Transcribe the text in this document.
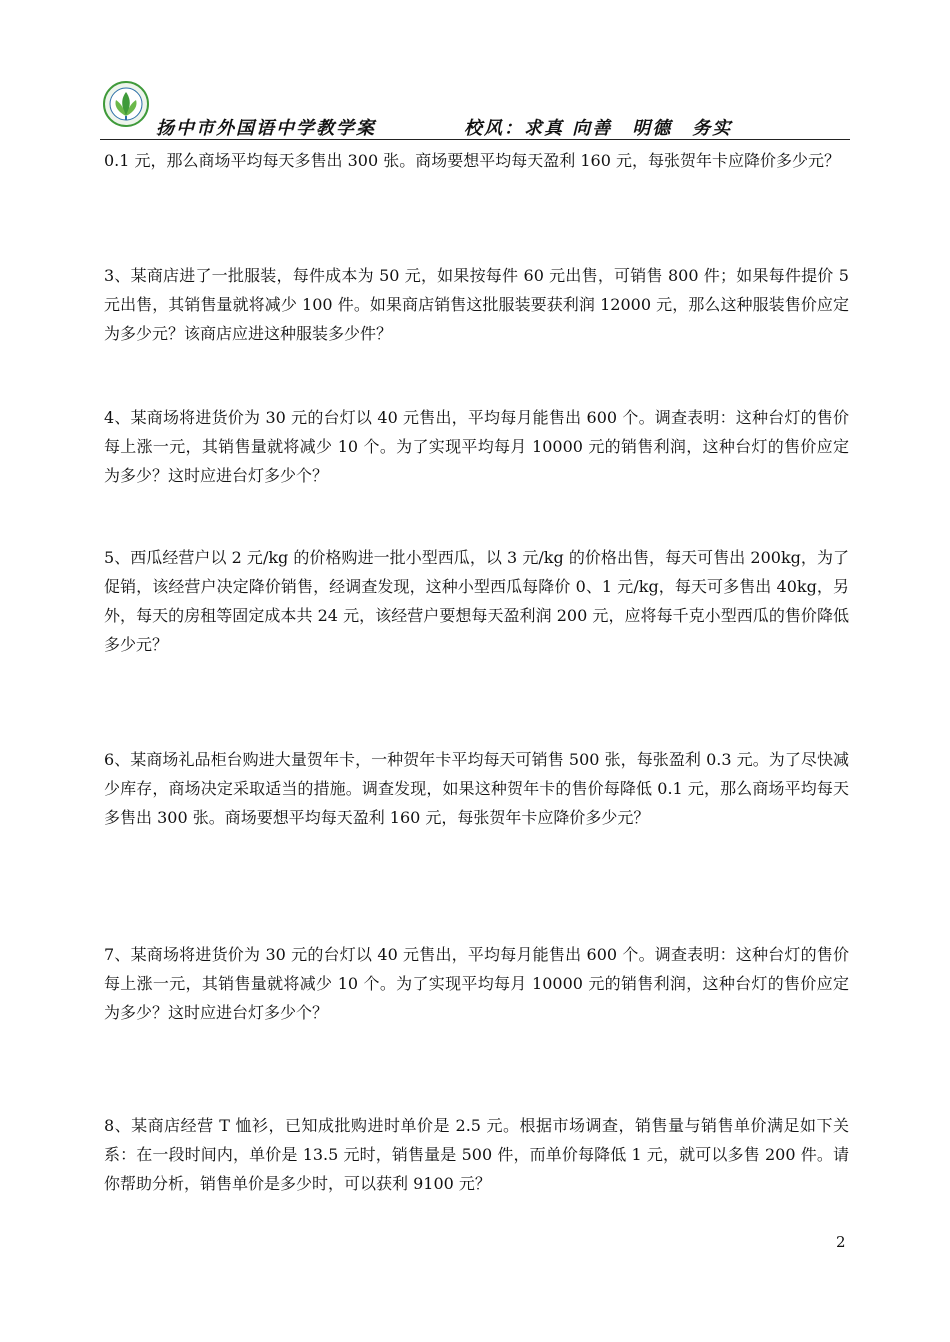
扬中市外国语中学教学案	校风：求真 向善　明德　务实

0.1 元，那么商场平均每天多售出 300 张。商场要想平均每天盈利 160 元，每张贺年卡应降价多少元？

3、某商店进了一批服装，每件成本为 50 元，如果按每件 60 元出售，可销售 800 件；如果每件提价 5 元出售，其销售量就将减少 100 件。如果商店销售这批服装要获利润 12000 元，那么这种服装售价应定为多少元？该商店应进这种服装多少件？

4、某商场将进货价为 30 元的台灯以 40 元售出，平均每月能售出 600 个。调查表明：这种台灯的售价每上涨一元，其销售量就将减少 10 个。为了实现平均每月 10000 元的销售利润，这种台灯的售价应定为多少？这时应进台灯多少个？

5、西瓜经营户以 2 元/kg 的价格购进一批小型西瓜，以 3 元/kg 的价格出售，每天可售出 200kg，为了促销，该经营户决定降价销售，经调查发现，这种小型西瓜每降价 0、1 元/kg，每天可多售出 40kg，另外，每天的房租等固定成本共 24 元，该经营户要想每天盈利润 200 元，应将每千克小型西瓜的售价降低多少元？

6、某商场礼品柜台购进大量贺年卡，一种贺年卡平均每天可销售 500 张，每张盈利 0.3 元。为了尽快减少库存，商场决定采取适当的措施。调查发现，如果这种贺年卡的售价每降低 0.1 元，那么商场平均每天多售出 300 张。商场要想平均每天盈利 160 元，每张贺年卡应降价多少元？

7、某商场将进货价为 30 元的台灯以 40 元售出，平均每月能售出 600 个。调查表明：这种台灯的售价每上涨一元，其销售量就将减少 10 个。为了实现平均每月 10000 元的销售利润，这种台灯的售价应定为多少？这时应进台灯多少个？

8、某商店经营 T 恤衫，已知成批购进时单价是 2.5 元。根据市场调查，销售量与销售单价满足如下关系：在一段时间内，单价是 13.5 元时，销售量是 500 件，而单价每降低 1 元，就可以多售 200 件。请你帮助分析，销售单价是多少时，可以获利 9100 元？

2
